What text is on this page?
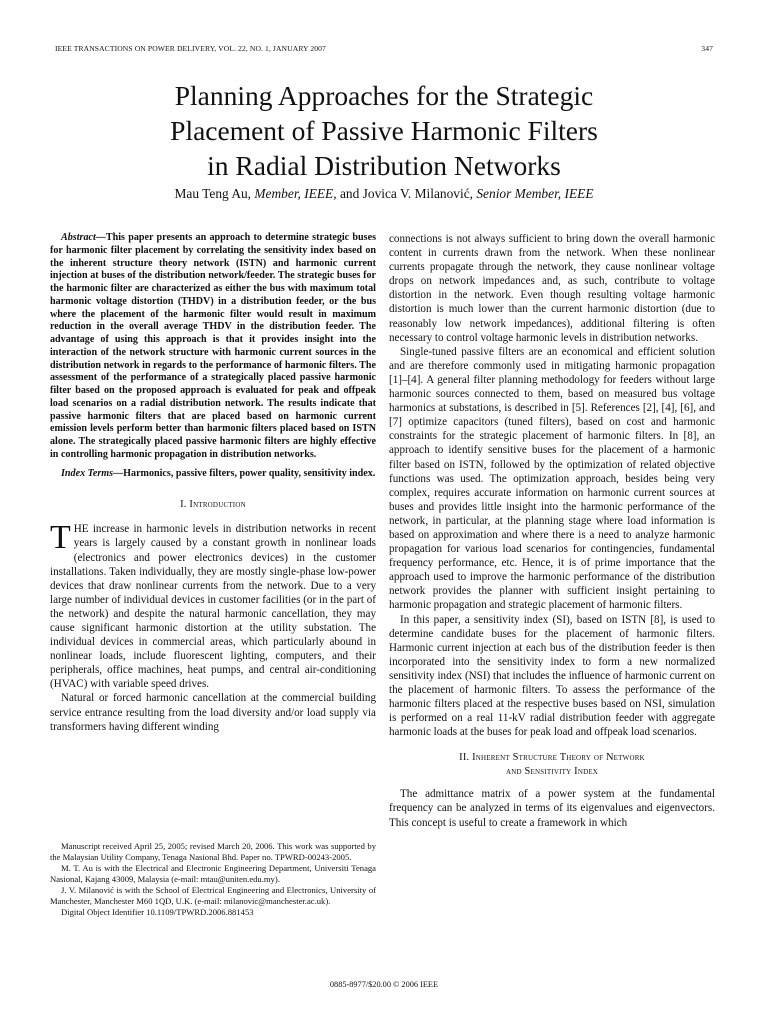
IEEE TRANSACTIONS ON POWER DELIVERY, VOL. 22, NO. 1, JANUARY 2007	347
Planning Approaches for the Strategic
Placement of Passive Harmonic Filters
in Radial Distribution Networks
Mau Teng Au, Member, IEEE, and Jovica V. Milanović, Senior Member, IEEE

Abstract—This paper presents an approach to determine strategic buses for harmonic filter placement by correlating the sensitivity index based on the inherent structure theory network (ISTN) and harmonic current injection at buses of the distribution network/feeder. The strategic buses for the harmonic filter are characterized as either the bus with maximum total harmonic voltage distortion (THDV) in a distribution feeder, or the bus where the placement of the harmonic filter would result in maximum reduction in the overall average THDV in the distribution feeder. The advantage of using this approach is that it provides insight into the interaction of the network structure with harmonic current sources in the distribution network in regards to the performance of harmonic filters. The assessment of the performance of a strategically placed passive harmonic filter based on the proposed approach is evaluated for peak and offpeak load scenarios on a radial distribution network. The results indicate that passive harmonic filters that are placed based on harmonic current emission levels perform better than harmonic filters placed based on ISTN alone. The strategically placed passive harmonic filters are highly effective in controlling harmonic propagation in distribution networks.

Index Terms—Harmonics, passive filters, power quality, sensitivity index.

I. Introduction
T HE increase in harmonic levels in distribution networks in recent years is largely caused by a constant growth in nonlinear loads (electronics and power electronics devices) in the customer installations. Taken individually, they are mostly single-phase low-power devices that draw nonlinear currents from the network. Due to a very large number of individual devices in customer facilities (or in the part of the network) and despite the natural harmonic cancellation, they may cause significant harmonic distortion at the utility substation. The individual devices in commercial areas, which particularly abound in nonlinear loads, include fluorescent lighting, computers, and their peripherals, office machines, heat pumps, and central air-conditioning (HVAC) with variable speed drives.

Natural or forced harmonic cancellation at the commercial building service entrance resulting from the load diversity and/or load supply via transformers having different winding

Manuscript received April 25, 2005; revised March 20, 2006. This work was supported by the Malaysian Utility Company, Tenaga Nasional Bhd. Paper no. TPWRD-00243-2005.

M. T. Au is with the Electrical and Electronic Engineering Department, Universiti Tenaga Nasional, Kajang 43009, Malaysia (e-mail: mtau@uniten.edu.my).

J. V. Milanović is with the School of Electrical Engineering and Electronics, University of Manchester, Manchester M60 1QD, U.K. (e-mail: milanovic@manchester.ac.uk).

Digital Object Identifier 10.1109/TPWRD.2006.881453

connections is not always sufficient to bring down the overall harmonic content in currents drawn from the network. When these nonlinear currents propagate through the network, they cause nonlinear voltage drops on network impedances and, as such, contribute to voltage distortion in the network. Even though resulting voltage harmonic distortion is much lower than the current harmonic distortion (due to reasonably low network impedances), additional filtering is often necessary to control voltage harmonic levels in distribution networks.

Single-tuned passive filters are an economical and efficient solution and are therefore commonly used in mitigating harmonic propagation [1]–[4]. A general filter planning methodology for feeders without large harmonic sources connected to them, based on measured bus voltage harmonics at substations, is described in [5]. References [2], [4], [6], and [7] optimize capacitors (tuned filters), based on cost and harmonic constraints for the strategic placement of harmonic filters. In [8], an approach to identify sensitive buses for the placement of a harmonic filter based on ISTN, followed by the optimization of related objective functions was used. The optimization approach, besides being very complex, requires accurate information on harmonic current sources at buses and provides little insight into the harmonic performance of the network, in particular, at the planning stage where load information is based on approximation and where there is a need to analyze harmonic propagation for various load scenarios for contingencies, fundamental frequency performance, etc. Hence, it is of prime importance that the approach used to improve the harmonic performance of the distribution network provides the planner with sufficient insight pertaining to harmonic propagation and strategic placement of harmonic filters.

In this paper, a sensitivity index (SI), based on ISTN [8], is used to determine candidate buses for the placement of harmonic filters. Harmonic current injection at each bus of the distribution feeder is then incorporated into the sensitivity index to form a new normalized sensitivity index (NSI) that includes the influence of harmonic current on the placement of harmonic filters. To assess the performance of the harmonic filters placed at the respective buses based on NSI, simulation is performed on a real 11-kV radial distribution feeder with aggregate harmonic loads at the buses for peak load and offpeak load scenarios.

II. Inherent Structure Theory of Network
and Sensitivity Index

The admittance matrix of a power system at the fundamental frequency can be analyzed in terms of its eigenvalues and eigenvectors. This concept is useful to create a framework in which

0885-8977/$20.00 © 2006 IEEE
